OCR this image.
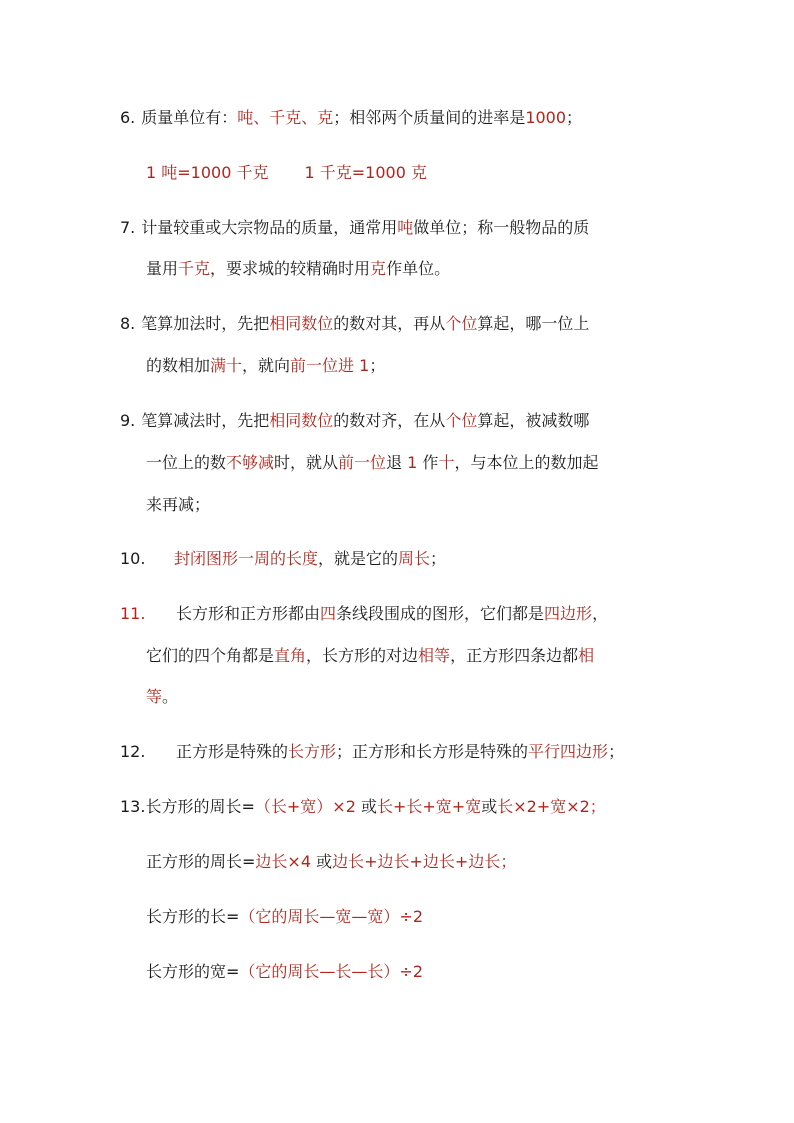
6. 质量单位有：吨、千克、克；相邻两个质量间的进率是1000；
1 吨=1000 千克 1 千克=1000 克
7. 计量较重或大宗物品的质量，通常用吨做单位；称一般物品的质
量用千克，要求城的较精确时用克作单位。
8. 笔算加法时，先把相同数位的数对其，再从个位算起，哪一位上
的数相加满十，就向前一位进 1；
9. 笔算减法时，先把相同数位的数对齐，在从个位算起，被减数哪
一位上的数不够减时，就从前一位退 1 作十，与本位上的数加起
来再减；
10. 封闭图形一周的长度，就是它的周长；
11. 长方形和正方形都由四条线段围成的图形，它们都是四边形，
它们的四个角都是直角，长方形的对边相等，正方形四条边都相
等。
12. 正方形是特殊的长方形；正方形和长方形是特殊的平行四边形；
13.长方形的周长=（长+宽）×2 或长+长+宽+宽或长×2+宽×2；
正方形的周长=边长×4 或边长+边长+边长+边长；
长方形的长=（它的周长—宽—宽）÷2
长方形的宽=（它的周长—长—长）÷2
